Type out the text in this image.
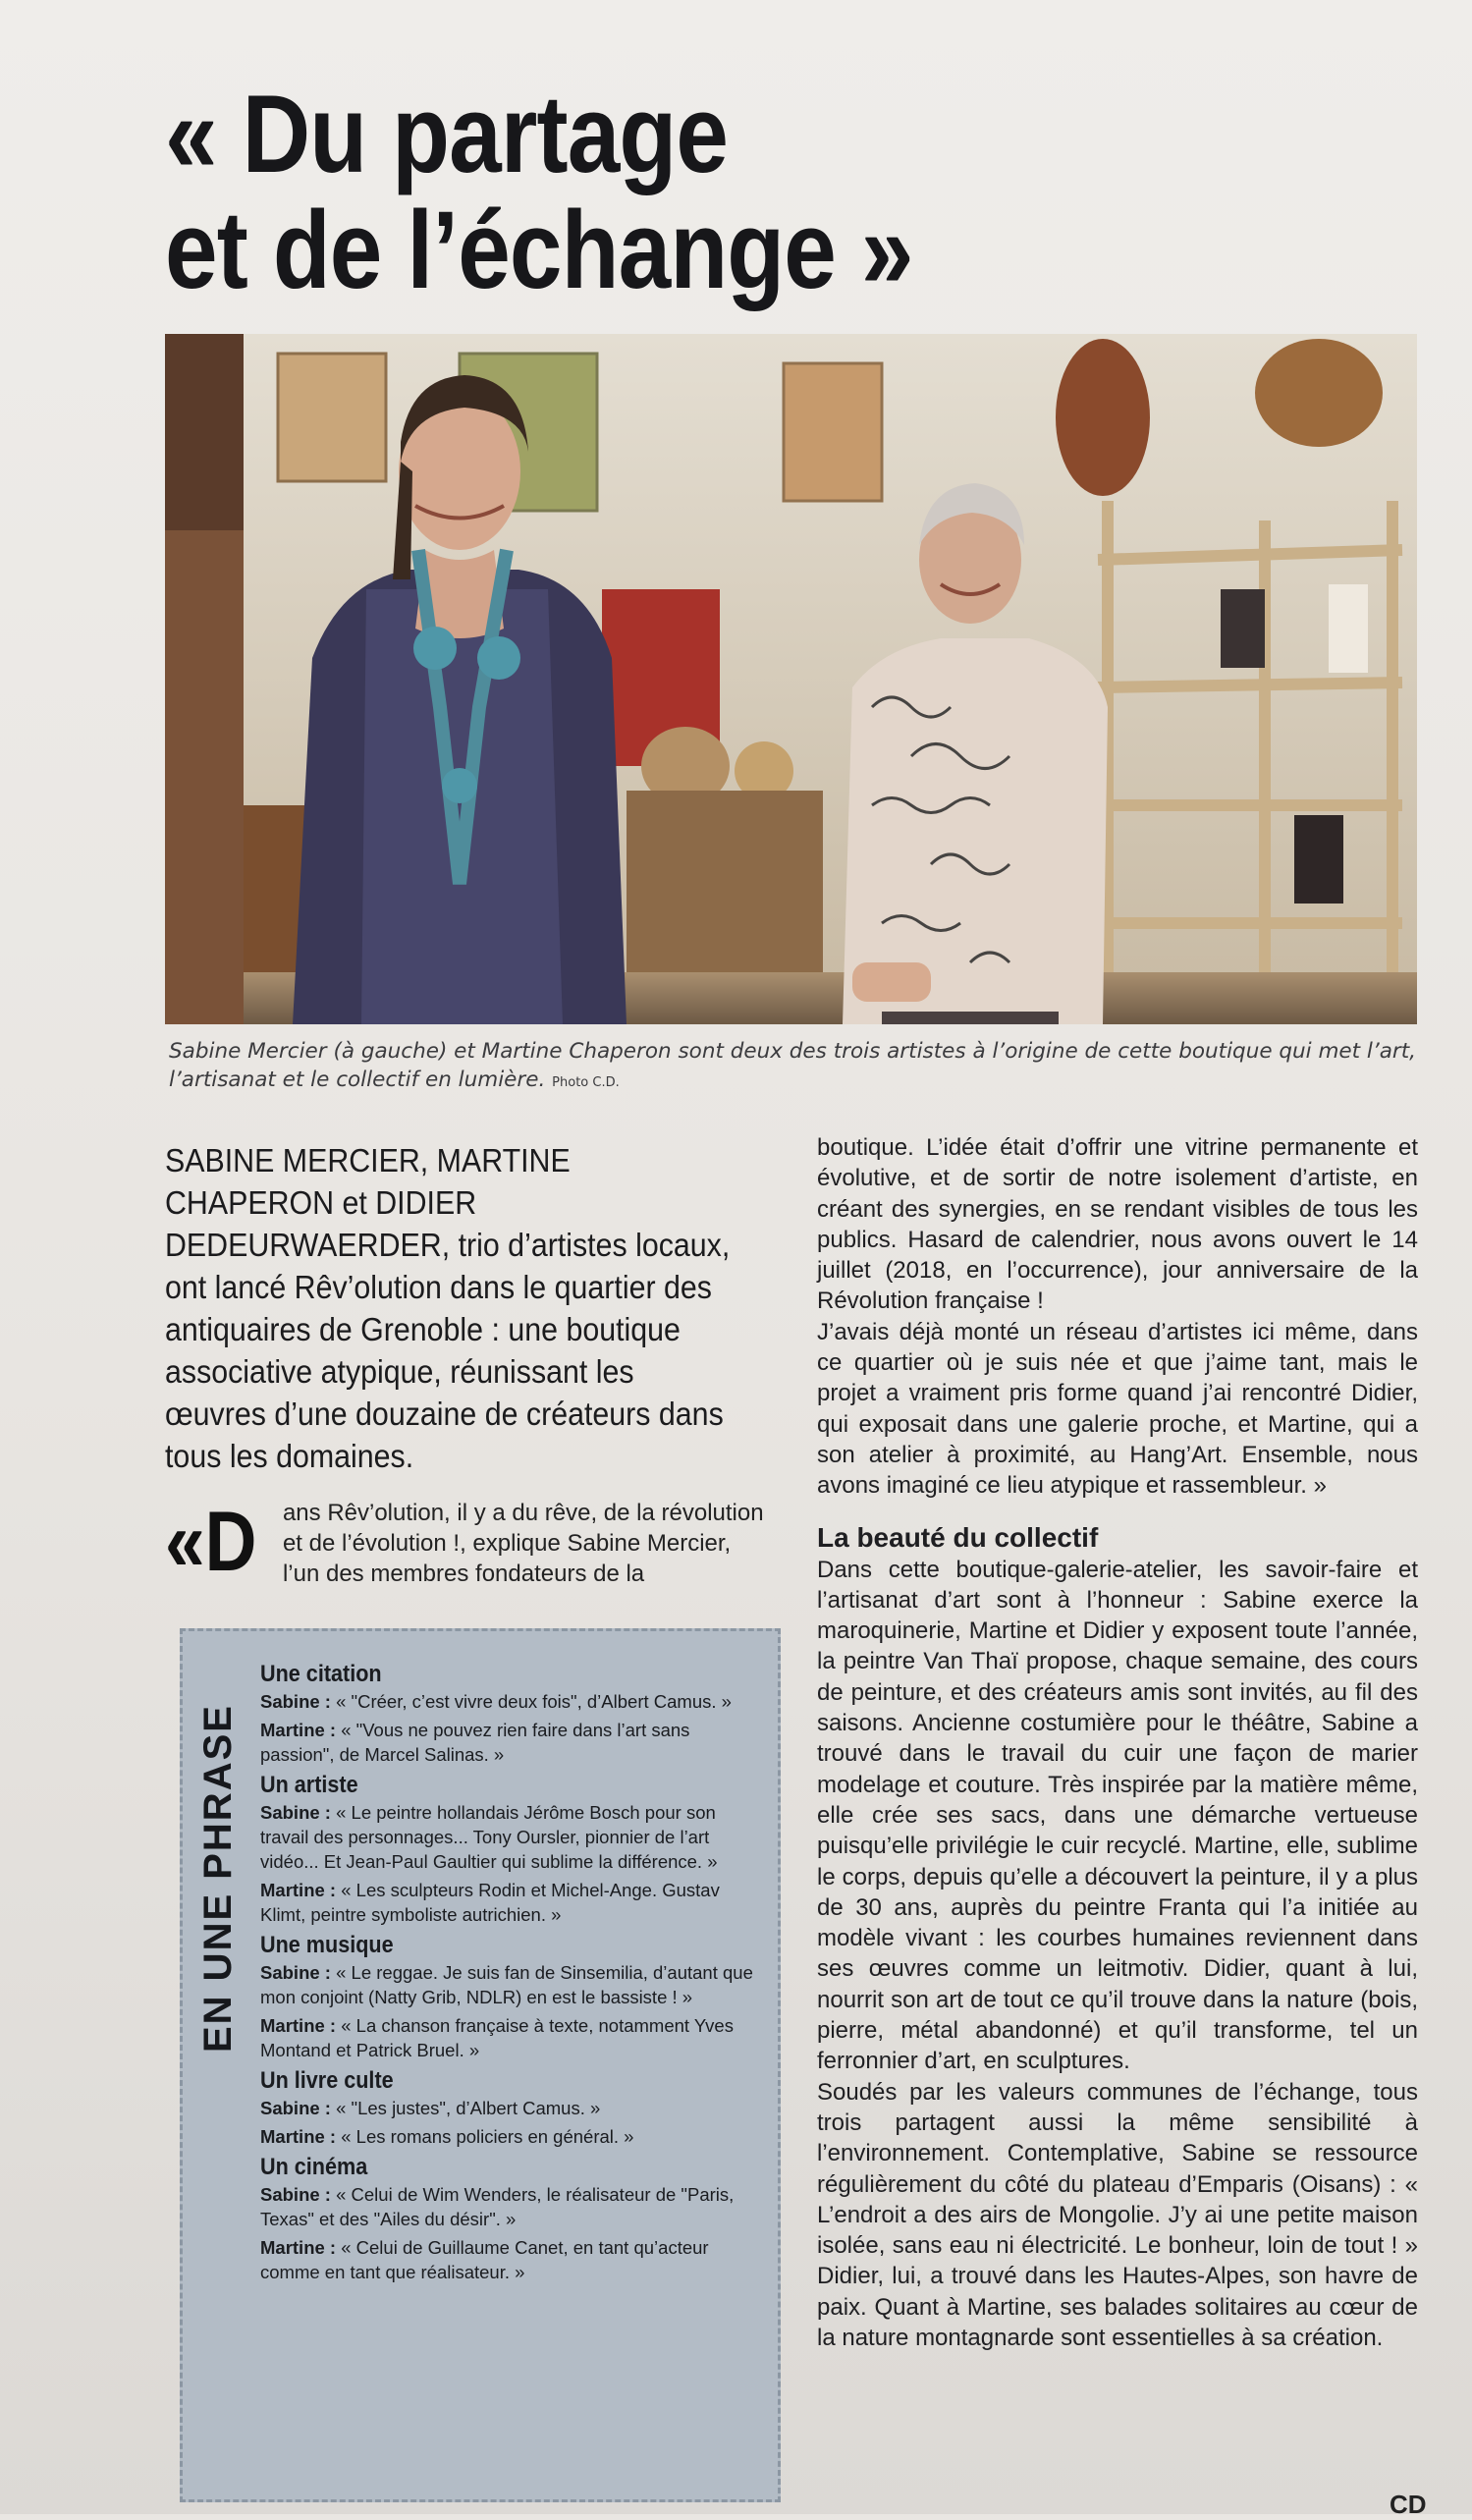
« Du partage
et de l’échange »
Sabine Mercier (à gauche) et Martine Chaperon sont deux des trois artistes à l’origine de cette boutique qui met l’art, l’artisanat et le collectif en lumière. Photo C.D.
SABINE MERCIER, MARTINE CHAPERON et DIDIER DEDEURWAERDER, trio d’artistes locaux, ont lancé Rêv’olution dans le quartier des antiquaires de Grenoble : une boutique associative atypique, réunissant les œuvres d’une douzaine de créateurs dans tous les domaines.
«D ans Rêv’olution, il y a du rêve, de la révolution et de l’évolution !, explique Sabine Mercier, l’un des membres fondateurs de la
EN UNE PHRASE
Une citation

Sabine : « "Créer, c’est vivre deux fois", d’Albert Camus. »

Martine : « "Vous ne pouvez rien faire dans l’art sans passion", de Marcel Salinas. »

Un artiste

Sabine : « Le peintre hollandais Jérôme Bosch pour son travail des personnages... Tony Oursler, pionnier de l’art vidéo... Et Jean-Paul Gaultier qui sublime la différence. »

Martine : « Les sculpteurs Rodin et Michel-Ange. Gustav Klimt, peintre symboliste autrichien. »

Une musique

Sabine : « Le reggae. Je suis fan de Sinsemilia, d’autant que mon conjoint (Natty Grib, NDLR) en est le bassiste ! »

Martine : « La chanson française à texte, notamment Yves Montand et Patrick Bruel. »

Un livre culte

Sabine : « "Les justes", d’Albert Camus. »

Martine : « Les romans policiers en général. »

Un cinéma

Sabine : « Celui de Wim Wenders, le réalisateur de "Paris, Texas" et des "Ailes du désir". »

Martine : « Celui de Guillaume Canet, en tant qu’acteur comme en tant que réalisateur. »

boutique. L’idée était d’offrir une vitrine permanente et évolutive, et de sortir de notre isolement d’artiste, en créant des synergies, en se rendant visibles de tous les publics. Hasard de calendrier, nous avons ouvert le 14 juillet (2018, en l’occurrence), jour anniversaire de la Révolution française !

J’avais déjà monté un réseau d’artistes ici même, dans ce quartier où je suis née et que j’aime tant, mais le projet a vraiment pris forme quand j’ai rencontré Didier, qui exposait dans une galerie proche, et Martine, qui a son atelier à proximité, au Hang’Art. Ensemble, nous avons imaginé ce lieu atypique et rassembleur. »

La beauté du collectif

Dans cette boutique-galerie-atelier, les savoir-faire et l’artisanat d’art sont à l’honneur : Sabine exerce la maroquinerie, Martine et Didier y exposent toute l’année, la peintre Van Thaï propose, chaque semaine, des cours de peinture, et des créateurs amis sont invités, au fil des saisons. Ancienne costumière pour le théâtre, Sabine a trouvé dans le travail du cuir une façon de marier modelage et couture. Très inspirée par la matière même, elle crée ses sacs, dans une démarche vertueuse puisqu’elle privilégie le cuir recyclé. Martine, elle, sublime le corps, depuis qu’elle a découvert la peinture, il y a plus de 30 ans, auprès du peintre Franta qui l’a initiée au modèle vivant : les courbes humaines reviennent dans ses œuvres comme un leitmotiv. Didier, quant à lui, nourrit son art de tout ce qu’il trouve dans la nature (bois, pierre, métal abandonné) et qu’il transforme, tel un ferronnier d’art, en sculptures.

Soudés par les valeurs communes de l’échange, tous trois partagent aussi la même sensibilité à l’environnement. Contemplative, Sabine se ressource régulièrement du côté du plateau d’Emparis (Oisans) : « L’endroit a des airs de Mongolie. J’y ai une petite maison isolée, sans eau ni électricité. Le bonheur, loin de tout ! » Didier, lui, a trouvé dans les Hautes-Alpes, son havre de paix. Quant à Martine, ses balades solitaires au cœur de la nature montagnarde sont essentielles à sa création.

CD
